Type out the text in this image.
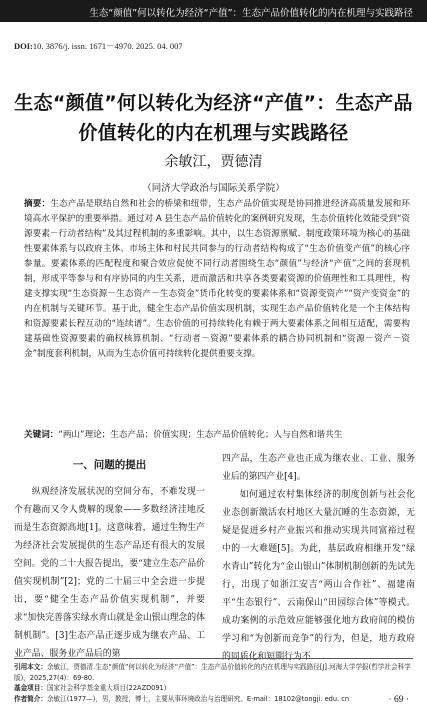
生态“颜值”何以转化为经济“产值”：生态产品价值转化的内在机理与实践路径
DOI:10. 3876/j. issn. 1671－4970. 2025. 04. 007
生态“颜值”何以转化为经济“产值”：生态产品
价值转化的内在机理与实践路径
余敏江，贾德清
（同济大学政治与国际关系学院）
摘要：生态产品是联结自然和社会的桥梁和纽带，生态产品价值实现是协同推进经济高质量发展和环境高水平保护的重要举措。通过对 A 县生态产品价值转化的案例研究发现，生态价值转化效能受到“资源要素－行动者结构”及其过程机制的多重影响。其中，以生态资源禀赋、制度政策环境为核心的基础性要素体系与以政府主体、市场主体和村民共同参与的行动者结构构成了“生态价值变产值”的核心序参量。要素体系的匹配程度和聚合效应促使不同行动者围绕生态“颜值”与经济“产值”之间的套现机制，形成平等参与和有序协同的内生关系，进而激活和共享各类要素资源的价值理性和工具理性，构建支撑实现“生态资源－生态资产－生态资金”货币化转变的要素体系和“资源变资产”“资产变资金”的内在机制与关键环节。基于此，健全生态产品价值实现机制，实现生态产品价值转化是一个主体结构和资源要素长程互动的“连续谱”。生态价值的可持续转化有赖于两大要素体系之间相互适配，需要构建基础性资源要素的确权核算机制、“行动者－资源”要素体系的耦合协同机制和“资源－资产－资金”制度套利机制，从而为生态价值可持续转化提供重要支撑。
关键词：“两山”理论；生态产品；价值实现；生态产品价值转化；人与自然和谐共生
一、问题的提出

纵观经济发展状况的空间分布，不难发现一个有趣而又令人费解的现象——多数经济洼地反而是生态资源高地[1]。这意味着，通过生物生产为经济社会发展提供的生态产品还有很大的发展空间。党的二十大报告提出，要“建立生态产品价值实现机制”[2]；党的二十届三中全会进一步提出，要“健全生态产品价值实现机制”，并要求“加快完善落实绿水青山就是金山银山理念的体制机制”。[3]生态产品正逐步成为继农产品、工业产品、服务业产品后的第

四产品，生态产业也正成为继农业、工业、服务业后的第四产业[4]。

如何通过农村集体经济的制度创新与社会化业态创新激活农村地区大量沉睡的生态资源，无疑是促进乡村产业振兴和推动实现共同富裕过程中的一大难题[5]。为此，基层政府相继开发“绿水青山”转化为“金山银山”体制机制创新的先试先行，出现了如浙江安吉“两山合作社”、福建南平“生态银行”、云南保山“田园综合体”等模式。成功案例的示范效应能够强化地方政府间的模仿学习和“为创新而竞争”的行为，但是，地方政府的同质化和短期行为不

引用本文：余敏江，贾德清.生态“颜值”何以转化为经济“产值”：生态产品价值转化的内在机理与实践路径[J].河海大学学报(哲学社会科学版)，2025,27(4)：69-80.
基金项目：国家社会科学基金重大项目(22AZD091)
作者简介：余敏江(1977—)，男，教授，博士，主要从事环境政治与治理研究。E-mail：18102@tongji. edu. cn	· 69 ·
